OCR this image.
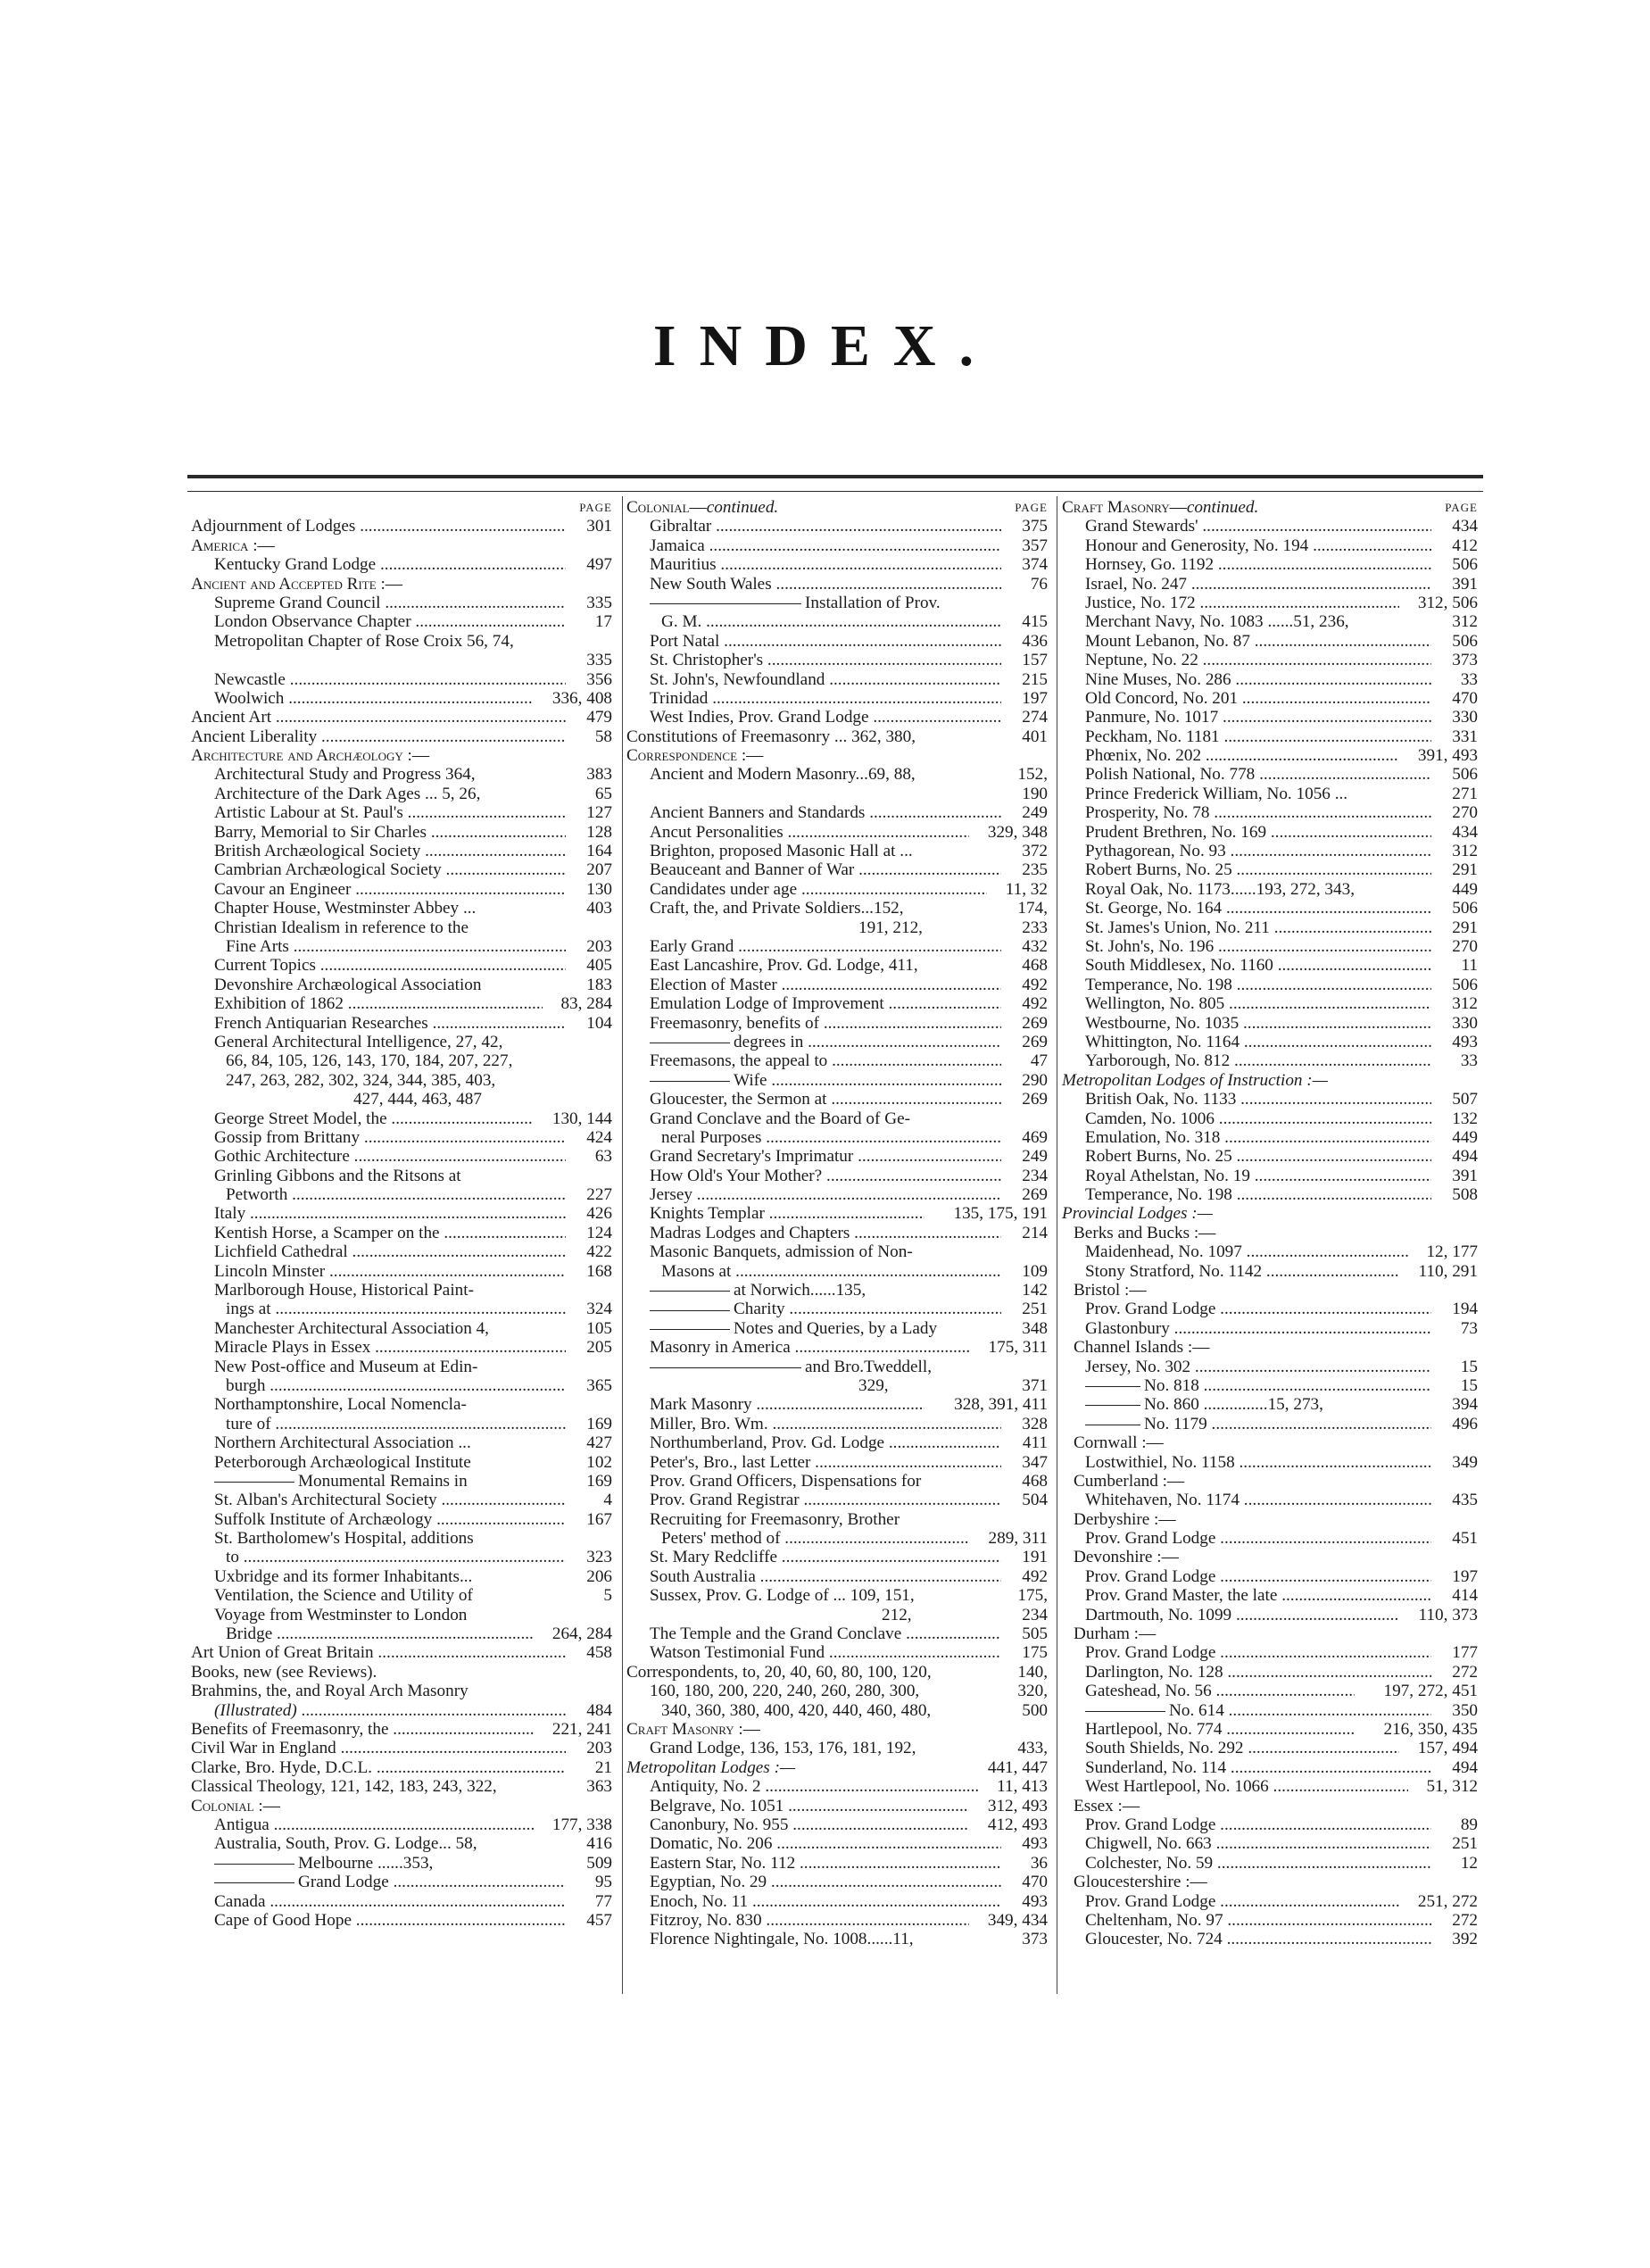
INDEX.
PAGE
Adjournment of Lodges .....	301
America :—
Kentucky Grand Lodge .....	497
Ancient and Accepted Rite :—
Supreme Grand Council .....	335
London Observance Chapter .....	17
Metropolitan Chapter of Rose Croix 56, 74,
335
Newcastle .....	356
Woolwich .....	336, 408
Ancient Art .....	479
Ancient Liberality .....	58
Architecture and Archæology :—
Architectural Study and Progress 364,	383
Architecture of the Dark Ages ... 5, 26,	65
Artistic Labour at St. Paul's .....	127
Barry, Memorial to Sir Charles .....	128
British Archæological Society .....	164
Cambrian Archæological Society .....	207
Cavour an Engineer .....	130
Chapter House, Westminster Abbey ...	403
Christian Idealism in reference to the
Fine Arts .....	203
Current Topics .....	405
Devonshire Archæological Association	183
Exhibition of 1862 .....	83, 284
French Antiquarian Researches .....	104
General Architectural Intelligence, 27, 42,
66, 84, 105, 126, 143, 170, 184, 207, 227,
247, 263, 282, 302, 324, 344, 385, 403,
427, 444, 463, 487
George Street Model, the .....	130, 144
Gossip from Brittany .....	424
Gothic Architecture .....	63
Grinling Gibbons and the Ritsons at
Petworth .....	227
Italy .....	426
Kentish Horse, a Scamper on the .....	124
Lichfield Cathedral .....	422
Lincoln Minster .....	168
Marlborough House, Historical Paint-
ings at .....	324
Manchester Architectural Association 4,	105
Miracle Plays in Essex .....	205
New Post-office and Museum at Edin-
burgh .....	365
Northamptonshire, Local Nomencla-
ture of .....	169
Northern Architectural Association ...	427
Peterborough Archæological Institute	102
Monumental Remains in	169
St. Alban's Architectural Society .....	4
Suffolk Institute of Archæology .....	167
St. Bartholomew's Hospital, additions
to .....	323
Uxbridge and its former Inhabitants...	206
Ventilation, the Science and Utility of	5
Voyage from Westminster to London
Bridge .....	264, 284
Art Union of Great Britain .....	458
Books, new (see Reviews).
Brahmins, the, and Royal Arch Masonry
(Illustrated) .....	484
Benefits of Freemasonry, the .....	221, 241
Civil War in England .....	203
Clarke, Bro. Hyde, D.C.L. .....	21
Classical Theology, 121, 142, 183, 243, 322,	363
Colonial :—
Antigua .....	177, 338
Australia, South, Prov. G. Lodge... 58,	416
Melbourne ......353,	509
Grand Lodge .....	95
Canada .....	77
Cape of Good Hope .....	457
Colonial—continued.	PAGE
Gibraltar .....	375
Jamaica .....	357
Mauritius .....	374
New South Wales .....	76
Installation of Prov.
G. M. .....	415
Port Natal .....	436
St. Christopher's .....	157
St. John's, Newfoundland .....	215
Trinidad .....	197
West Indies, Prov. Grand Lodge .....	274
Constitutions of Freemasonry ... 362, 380,	401
Correspondence :—
Ancient and Modern Masonry...69, 88,	152,
190
Ancient Banners and Standards .....	249
Ancut Personalities .....	329, 348
Brighton, proposed Masonic Hall at ...	372
Beauceant and Banner of War .....	235
Candidates under age .....	11, 32
Craft, the, and Private Soldiers...152,	174,
191, 212,	233
Early Grand .....	432
East Lancashire, Prov. Gd. Lodge, 411,	468
Election of Master .....	492
Emulation Lodge of Improvement .....	492
Freemasonry, benefits of .....	269
degrees in .....	269
Freemasons, the appeal to .....	47
Wife .....	290
Gloucester, the Sermon at .....	269
Grand Conclave and the Board of Ge-
neral Purposes .....	469
Grand Secretary's Imprimatur .....	249
How Old's Your Mother? .....	234
Jersey .....	269
Knights Templar .....	135, 175, 191
Madras Lodges and Chapters .....	214
Masonic Banquets, admission of Non-
Masons at .....	109
at Norwich......135,	142
Charity .....	251
Notes and Queries, by a Lady	348
Masonry in America .....	175, 311
and Bro.Tweddell,
329,	371
Mark Masonry .....	328, 391, 411
Miller, Bro. Wm. .....	328
Northumberland, Prov. Gd. Lodge .....	411
Peter's, Bro., last Letter .....	347
Prov. Grand Officers, Dispensations for	468
Prov. Grand Registrar .....	504
Recruiting for Freemasonry, Brother
Peters' method of .....	289, 311
St. Mary Redcliffe .....	191
South Australia .....	492
Sussex, Prov. G. Lodge of ... 109, 151,	175,
212,	234
The Temple and the Grand Conclave .....	505
Watson Testimonial Fund .....	175
Correspondents, to, 20, 40, 60, 80, 100, 120,	140,
160, 180, 200, 220, 240, 260, 280, 300,	320,
340, 360, 380, 400, 420, 440, 460, 480,	500
Craft Masonry :—
Grand Lodge, 136, 153, 176, 181, 192,	433,
Metropolitan Lodges :—	441, 447
Antiquity, No. 2 .....	11, 413
Belgrave, No. 1051 .....	312, 493
Canonbury, No. 955 .....	412, 493
Domatic, No. 206 .....	493
Eastern Star, No. 112 .....	36
Egyptian, No. 29 .....	470
Enoch, No. 11 .....	493
Fitzroy, No. 830 .....	349, 434
Florence Nightingale, No. 1008......11,	373
Craft Masonry—continued.	PAGE
Grand Stewards' .....	434
Honour and Generosity, No. 194 .....	412
Hornsey, Go. 1192 .....	506
Israel, No. 247 .....	391
Justice, No. 172 .....	312, 506
Merchant Navy, No. 1083 ......51, 236,	312
Mount Lebanon, No. 87 .....	506
Neptune, No. 22 .....	373
Nine Muses, No. 286 .....	33
Old Concord, No. 201 .....	470
Panmure, No. 1017 .....	330
Peckham, No. 1181 .....	331
Phœnix, No. 202 .....	391, 493
Polish National, No. 778 .....	506
Prince Frederick William, No. 1056 ...	271
Prosperity, No. 78 .....	270
Prudent Brethren, No. 169 .....	434
Pythagorean, No. 93 .....	312
Robert Burns, No. 25 .....	291
Royal Oak, No. 1173......193, 272, 343,	449
St. George, No. 164 .....	506
St. James's Union, No. 211 .....	291
St. John's, No. 196 .....	270
South Middlesex, No. 1160 .....	11
Temperance, No. 198 .....	506
Wellington, No. 805 .....	312
Westbourne, No. 1035 .....	330
Whittington, No. 1164 .....	493
Yarborough, No. 812 .....	33
Metropolitan Lodges of Instruction :—
British Oak, No. 1133 .....	507
Camden, No. 1006 .....	132
Emulation, No. 318 .....	449
Robert Burns, No. 25 .....	494
Royal Athelstan, No. 19 .....	391
Temperance, No. 198 .....	508
Provincial Lodges :—
Berks and Bucks :—
Maidenhead, No. 1097 .....	12, 177
Stony Stratford, No. 1142 .....	110, 291
Bristol :—
Prov. Grand Lodge .....	194
Glastonbury .....	73
Channel Islands :—
Jersey, No. 302 .....	15
No. 818 .....	15
No. 860 ...............15, 273,	394
No. 1179 .....	496
Cornwall :—
Lostwithiel, No. 1158 .....	349
Cumberland :—
Whitehaven, No. 1174 .....	435
Derbyshire :—
Prov. Grand Lodge .....	451
Devonshire :—
Prov. Grand Lodge .....	197
Prov. Grand Master, the late .....	414
Dartmouth, No. 1099 .....	110, 373
Durham :—
Prov. Grand Lodge .....	177
Darlington, No. 128 .....	272
Gateshead, No. 56 .....	197, 272, 451
No. 614 .....	350
Hartlepool, No. 774 .....	216, 350, 435
South Shields, No. 292 .....	157, 494
Sunderland, No. 114 .....	494
West Hartlepool, No. 1066 .....	51, 312
Essex :—
Prov. Grand Lodge .....	89
Chigwell, No. 663 .....	251
Colchester, No. 59 .....	12
Gloucestershire :—
Prov. Grand Lodge .....	251, 272
Cheltenham, No. 97 .....	272
Gloucester, No. 724 .....	392
